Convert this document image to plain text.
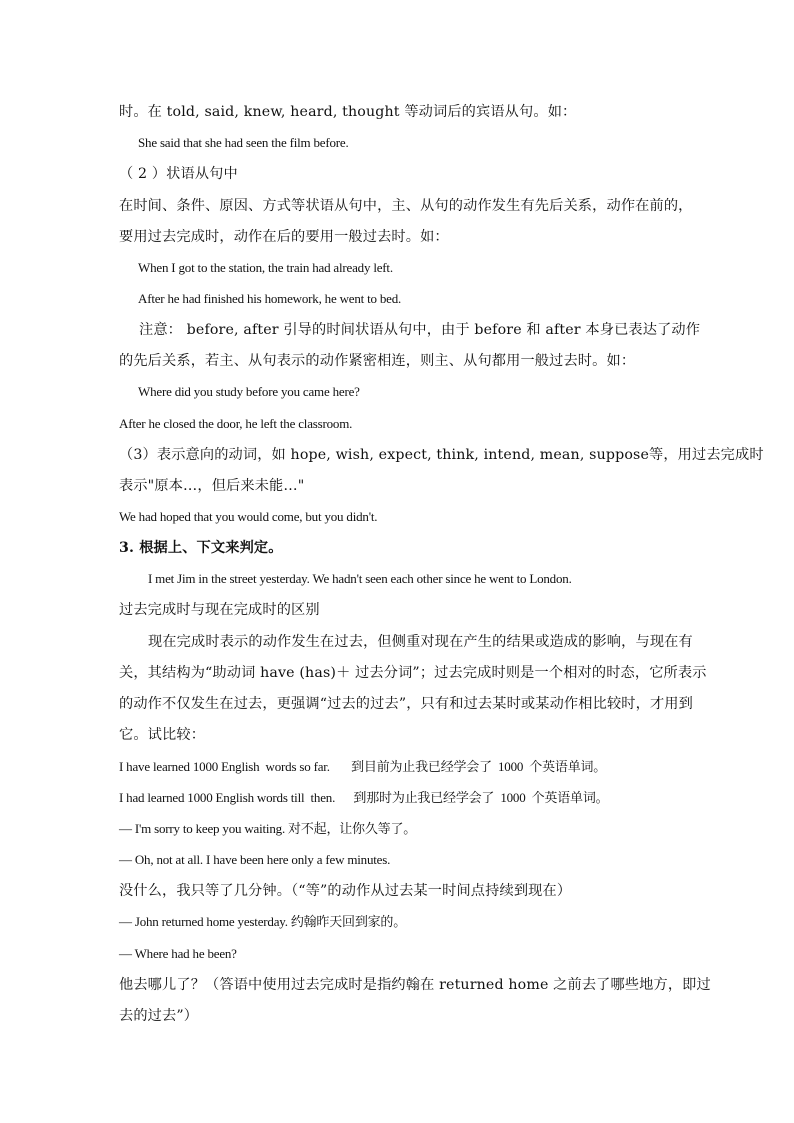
时。在 told, said, knew, heard, thought 等动词后的宾语从句。如：
She said that she had seen the film before.
（ 2 ）状语从句中
在时间、条件、原因、方式等状语从句中，主、从句的动作发生有先后关系，动作在前的，
要用过去完成时，动作在后的要用一般过去时。如：
When I got to the station, the train had already left.
After he had finished his homework, he went to bed.
注意： before, after 引导的时间状语从句中，由于 before 和 after 本身已表达了动作
的先后关系，若主、从句表示的动作紧密相连，则主、从句都用一般过去时。如：
Where did you study before you came here?
After he closed the door, he left the classroom.
（3）表示意向的动词，如 hope, wish, expect, think, intend, mean, suppose等，用过去完成时
表示"原本…，但后来未能…"
We had hoped that you would come, but you didn't.
3. 根据上、下文来判定。
I met Jim in the street yesterday. We hadn't seen each other since he went to London.
过去完成时与现在完成时的区别
现在完成时表示的动作发生在过去，但侧重对现在产生的结果或造成的影响，与现在有
关，其结构为“助动词 have (has)＋ 过去分词”；过去完成时则是一个相对的时态，它所表示
的动作不仅发生在过去，更强调“过去的过去”，只有和过去某时或某动作相比较时，才用到
它。试比较：
I have learned 1000 English  words so far.       到目前为止我已经学会了  1000  个英语单词。
I had learned 1000 English words till  then.      到那时为止我已经学会了  1000  个英语单词。
— I'm sorry to keep you waiting. 对不起，让你久等了。
— Oh, not at all. I have been here only a few minutes.
没什么，我只等了几分钟。（“等”的动作从过去某一时间点持续到现在）
— John returned home yesterday. 约翰昨天回到家的。
— Where had he been?
他去哪儿了？（答语中使用过去完成时是指约翰在 returned home 之前去了哪些地方，即过
去的过去”）
